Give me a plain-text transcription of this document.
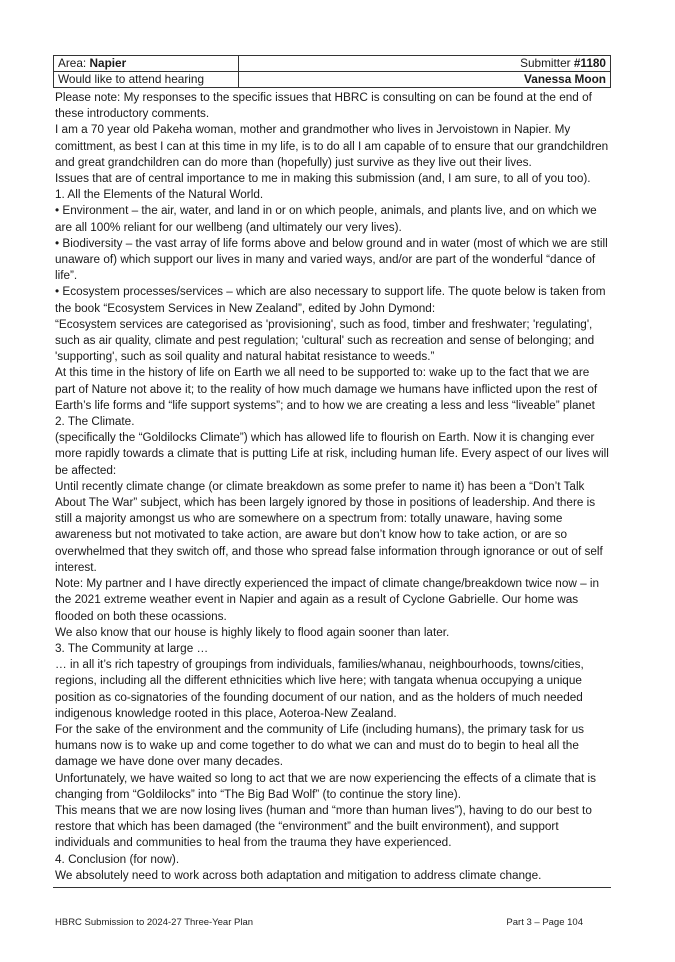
Area: Napier	Submitter #1180
Would like to attend hearing	Vanessa Moon

Please note: My responses to the specific issues that HBRC is consulting on can be found at the end of these introductory comments.

I am a 70 year old Pakeha woman, mother and grandmother who lives in Jervoistown in Napier. My comittment, as best I can at this time in my life, is to do all I am capable of to ensure that our grandchildren and great grandchildren can do more than (hopefully) just survive as they live out their lives.

Issues that are of central importance to me in making this submission (and, I am sure, to all of you too).

1. All the Elements of the Natural World.

• Environment – the air, water, and land in or on which people, animals, and plants live, and on which we are all 100% reliant for our wellbeng (and ultimately our very lives).

• Biodiversity – the vast array of life forms above and below ground and in water (most of which we are still unaware of) which support our lives in many and varied ways, and/or are part of the wonderful “dance of life”.

• Ecosystem processes/services – which are also necessary to support life. The quote below is taken from the book “Ecosystem Services in New Zealand”, edited by John Dymond:

“Ecosystem services are categorised as 'provisioning', such as food, timber and freshwater; 'regulating', such as air quality, climate and pest regulation; 'cultural' such as recreation and sense of belonging; and 'supporting', such as soil quality and natural habitat resistance to weeds.”

At this time in the history of life on Earth we all need to be supported to: wake up to the fact that we are part of Nature not above it; to the reality of how much damage we humans have inflicted upon the rest of Earth’s life forms and “life support systems”; and to how we are creating a less and less “liveable” planet

2. The Climate.

(specifically the “Goldilocks Climate”) which has allowed life to flourish on Earth. Now it is changing ever more rapidly towards a climate that is putting Life at risk, including human life. Every aspect of our lives will be affected:

Until recently climate change (or climate breakdown as some prefer to name it) has been a “Don’t Talk About The War” subject, which has been largely ignored by those in positions of leadership. And there is still a majority amongst us who are somewhere on a spectrum from: totally unaware, having some awareness but not motivated to take action, are aware but don’t know how to take action, or are so overwhelmed that they switch off, and those who spread false information through ignorance or out of self interest.

Note: My partner and I have directly experienced the impact of climate change/breakdown twice now – in the 2021 extreme weather event in Napier and again as a result of Cyclone Gabrielle. Our home was flooded on both these ocassions.

We also know that our house is highly likely to flood again sooner than later.

3. The Community at large …

… in all it’s rich tapestry of groupings from individuals, families/whanau, neighbourhoods, towns/cities, regions, including all the different ethnicities which live here; with tangata whenua occupying a unique position as co-signatories of the founding document of our nation, and as the holders of much needed indigenous knowledge rooted in this place, Aoteroa-New Zealand.

For the sake of the environment and the community of Life (including humans), the primary task for us humans now is to wake up and come together to do what we can and must do to begin to heal all the damage we have done over many decades.

Unfortunately, we have waited so long to act that we are now experiencing the effects of a climate that is changing from “Goldilocks” into “The Big Bad Wolf” (to continue the story line).

This means that we are now losing lives (human and “more than human lives”), having to do our best to restore that which has been damaged (the “environment” and the built environment), and support individuals and communities to heal from the trauma they have experienced.

4. Conclusion (for now).

We absolutely need to work across both adaptation and mitigation to address climate change.

HBRC Submission to 2024-27 Three-Year Plan	Part 3 – Page 104
